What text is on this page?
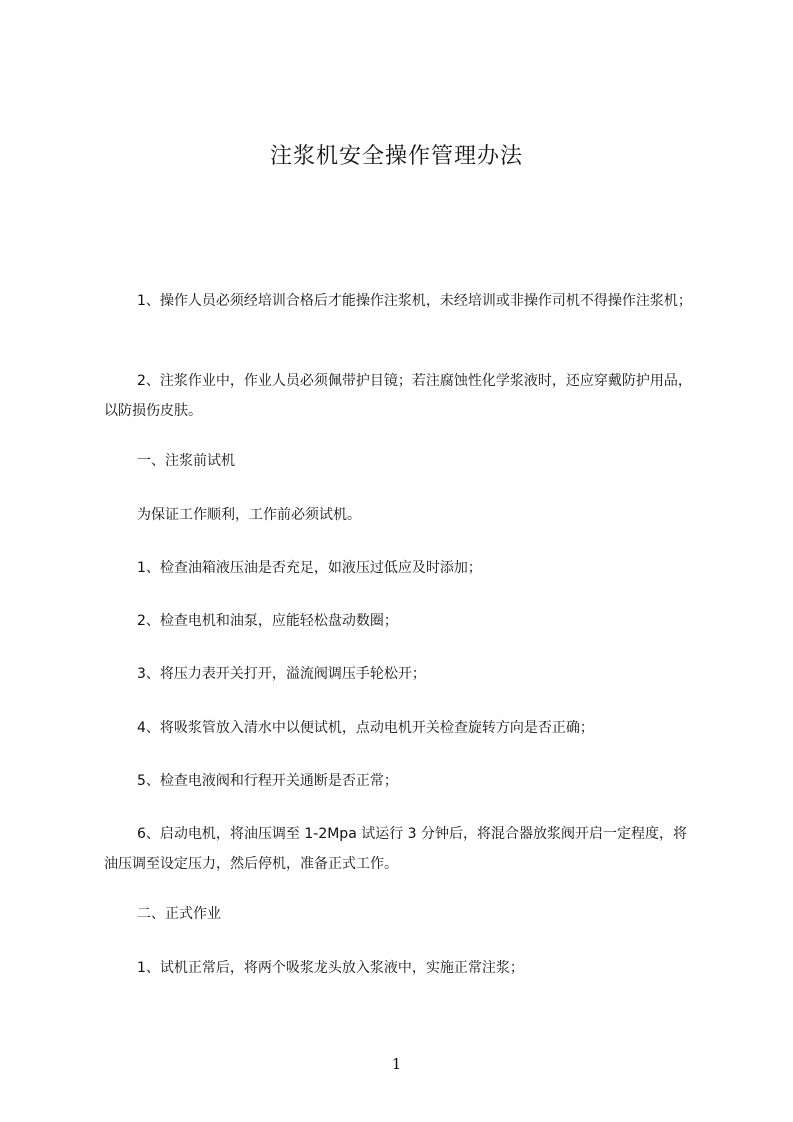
注浆机安全操作管理办法

1、操作人员必须经培训合格后才能操作注浆机，未经培训或非操作司机不得操作注浆机；

2、注浆作业中，作业人员必须佩带护目镜；若注腐蚀性化学浆液时，还应穿戴防护用品，以防损伤皮肤。

一、注浆前试机

为保证工作顺利，工作前必须试机。

1、检查油箱液压油是否充足，如液压过低应及时添加；

2、检查电机和油泵，应能轻松盘动数圈；

3、将压力表开关打开，溢流阀调压手轮松开；

4、将吸浆管放入清水中以便试机，点动电机开关检查旋转方向是否正确；

5、检查电液阀和行程开关通断是否正常；

6、启动电机，将油压调至 1-2Mpa 试运行 3 分钟后，将混合器放浆阀开启一定程度，将油压调至设定压力，然后停机，准备正式工作。

二、正式作业

1、试机正常后，将两个吸浆龙头放入浆液中，实施正常注浆；

1
